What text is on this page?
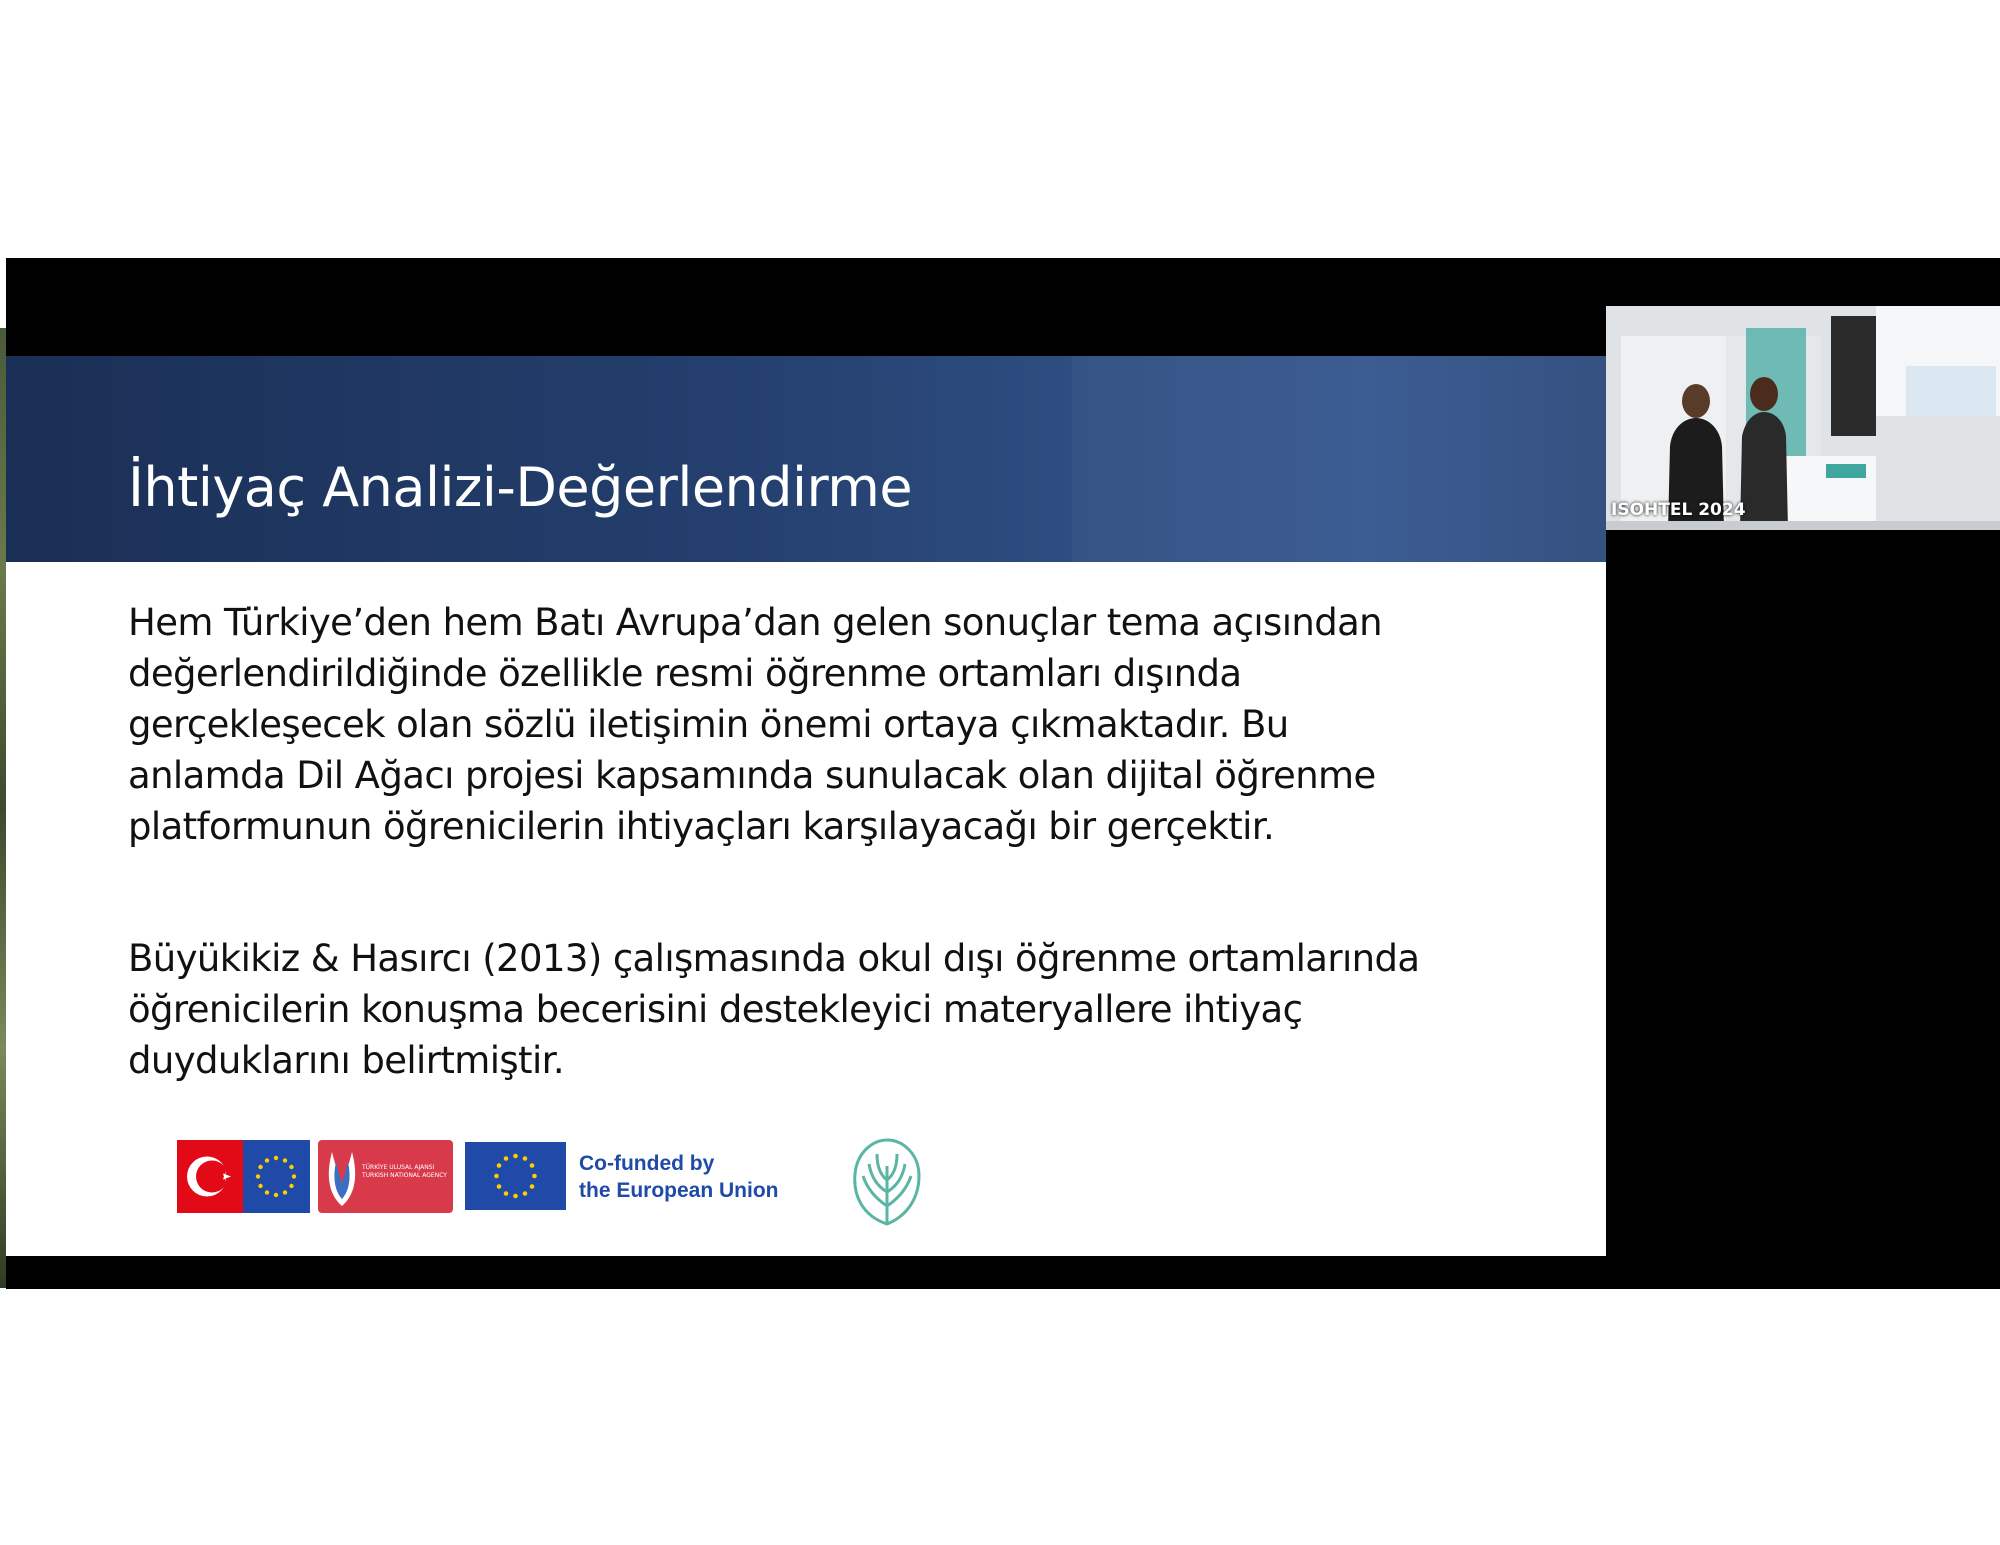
İhtiyaç Analizi-Değerlendirme
Hem Türkiye’den hem Batı Avrupa’dan gelen sonuçlar tema açısından
değerlendirildiğinde özellikle resmi öğrenme ortamları dışında
gerçekleşecek olan sözlü iletişimin önemi ortaya çıkmaktadır. Bu
anlamda Dil Ağacı projesi kapsamında sunulacak olan dijital öğrenme
platformunun öğrenicilerin ihtiyaçları karşılayacağı bir gerçektir.
Büyükikiz & Hasırcı (2013) çalışmasında okul dışı öğrenme ortamlarında
öğrenicilerin konuşma becerisini destekleyici materyallere ihtiyaç
duyduklarını belirtmiştir.
TÜRKİYE ULUSAL AJANSI TURKISH NATIONAL AGENCY
Co-funded by
the European Union
ISOHTEL 2024
